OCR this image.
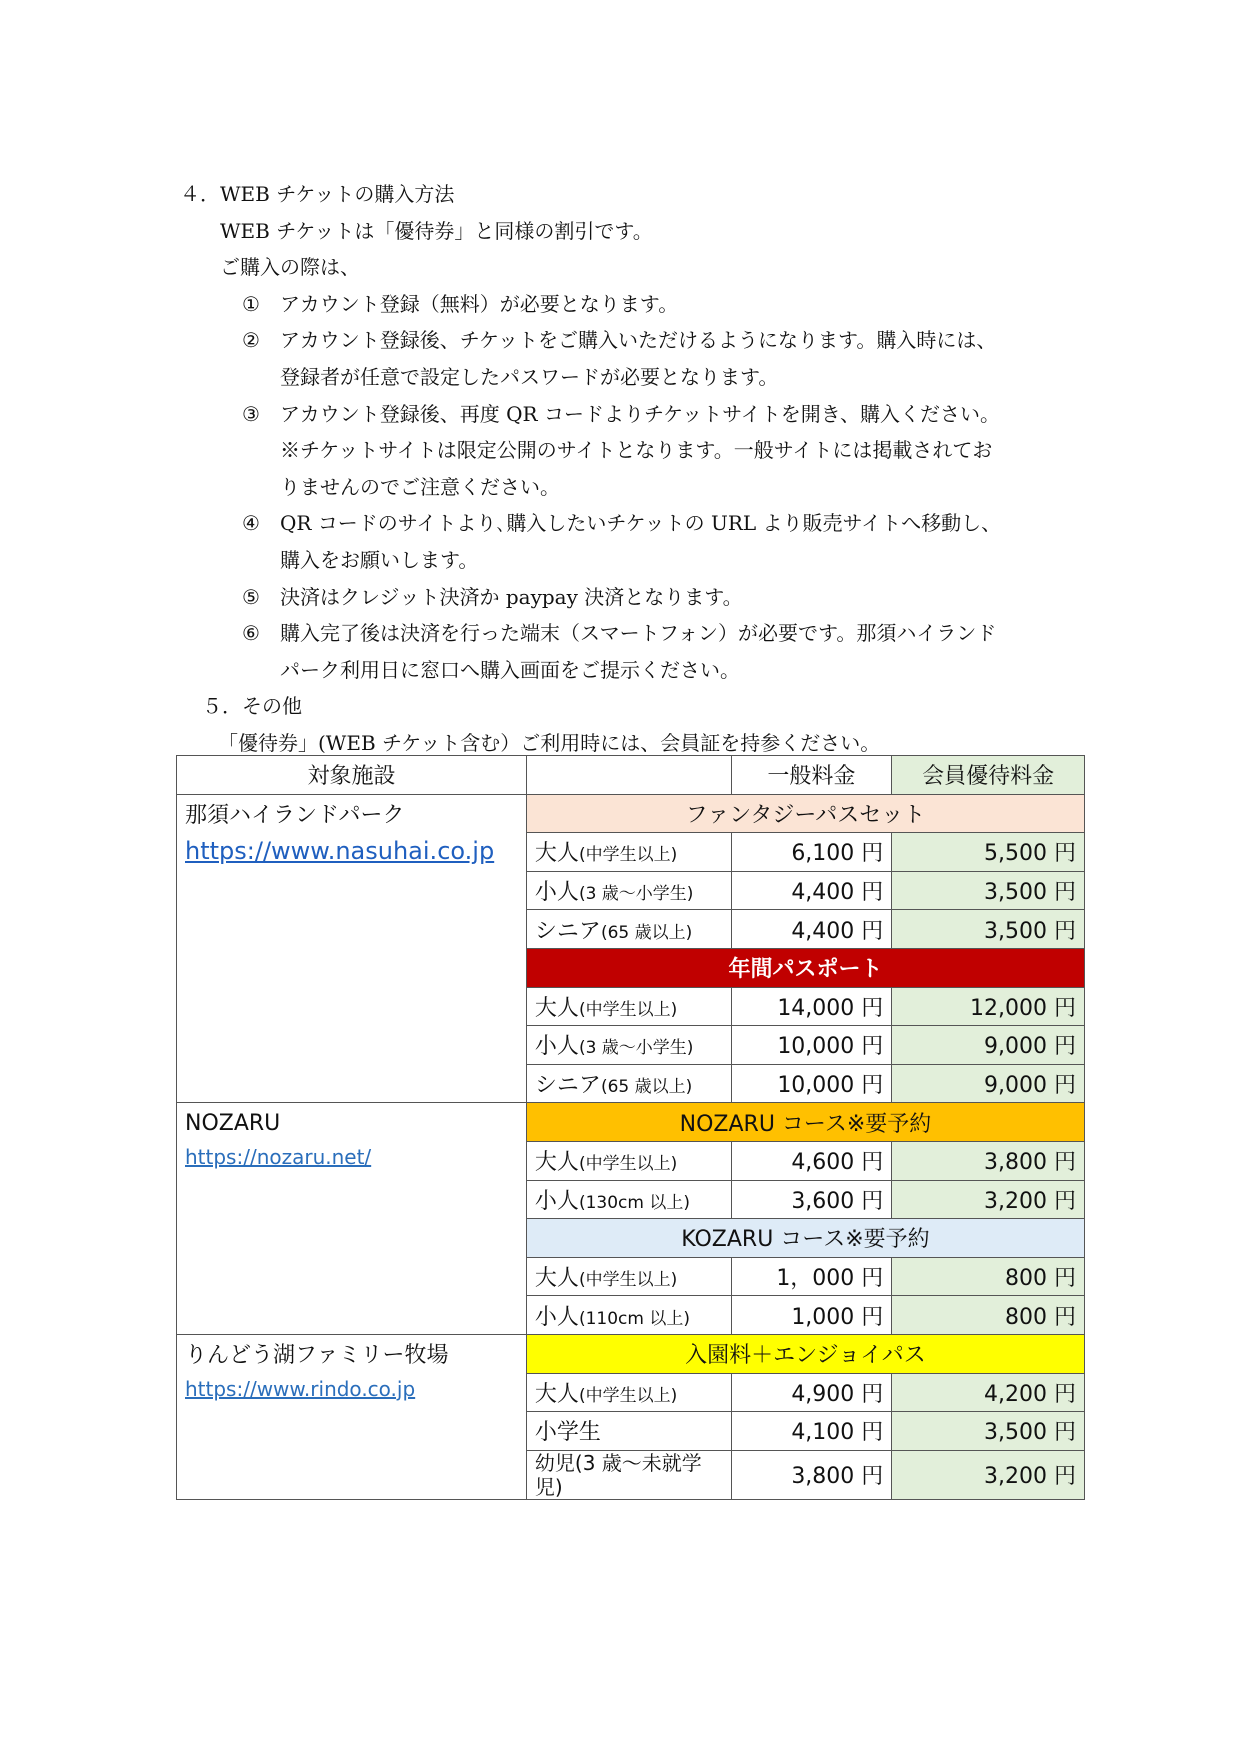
４．WEB チケットの購入方法
WEB チケットは「優待券」と同様の割引です。
ご購入の際は、
①	アカウント登録（無料）が必要となります。
②	アカウント登録後、チケットをご購入いただけるようになります。購入時には、
登録者が任意で設定したパスワードが必要となります。
③	アカウント登録後、再度 QR コードよりチケットサイトを開き、購入ください。
※チケットサイトは限定公開のサイトとなります。一般サイトには掲載されてお
りませんのでご注意ください。
④	QR コードのサイトより､購入したいチケットの URL より販売サイトへ移動し、
購入をお願いします。
⑤	決済はクレジット決済か paypay 決済となります。
⑥	購入完了後は決済を行った端末（スマートフォン）が必要です。那須ハイランド
パーク利用日に窓口へ購入画面をご提示ください。
５．その他
「優待券」(WEB チケット含む）ご利用時には、会員証を持参ください。
対象施設		一般料金	会員優待料金

那須ハイランドパーク
https://www.nasuhai.co.jp	ファンタジーパスセット		
	大人(中学生以上)	6,100 円	5,500 円
	小人(3 歳～小学生)	4,400 円	3,500 円
	シニア(65 歳以上)	4,400 円	3,500 円
	年間パスポート		
	大人(中学生以上)	14,000 円	12,000 円
	小人(3 歳～小学生)	10,000 円	9,000 円
	シニア(65 歳以上)	10,000 円	9,000 円

NOZARU
https://nozaru.net/	NOZARU コース※要予約		
	大人(中学生以上)	4,600 円	3,800 円
	小人(130cm 以上)	3,600 円	3,200 円
	KOZARU コース※要予約		
	大人(中学生以上)	1，000 円	800 円
	小人(110cm 以上)	1,000 円	800 円

りんどう湖ファミリー牧場
https://www.rindo.co.jp	入園料＋エンジョイパス		
	大人(中学生以上)	4,900 円	4,200 円
	小学生	4,100 円	3,500 円
	幼児(3 歳～未就学児)	3,800 円	3,200 円
